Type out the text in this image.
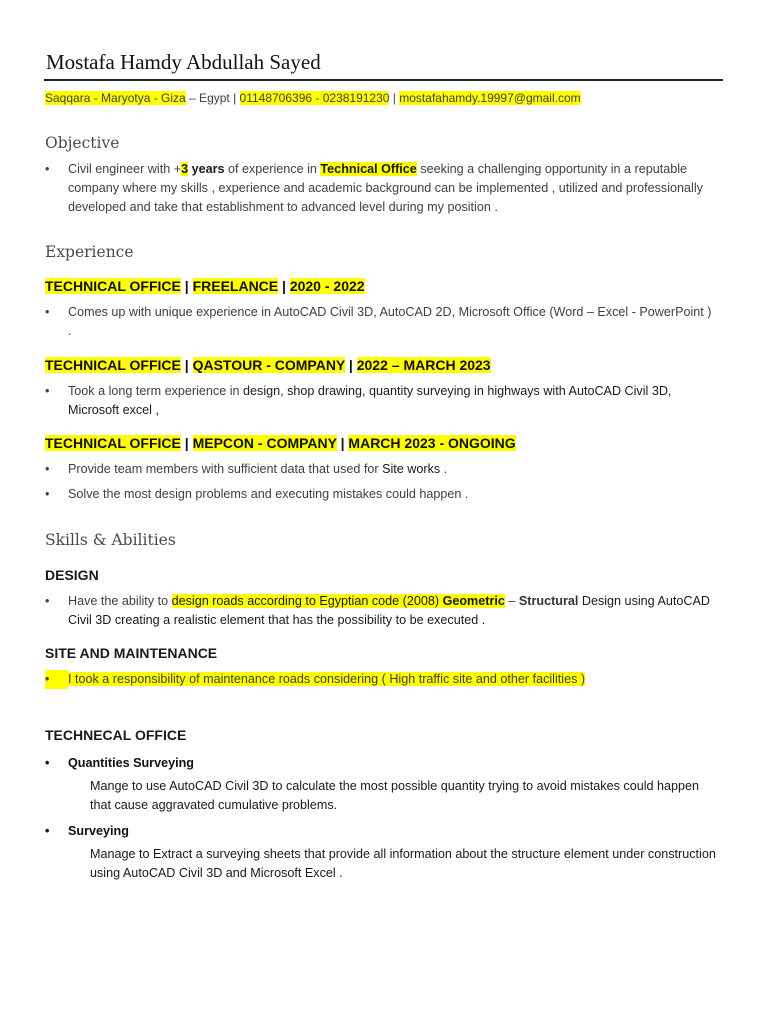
Mostafa Hamdy Abdullah Sayed
Saqqara - Maryotya - Giza – Egypt | 01148706396 - 0238191230 | mostafahamdy.19997@gmail.com
Objective
•	Civil engineer with +3 years of experience in Technical Office seeking a challenging opportunity in a reputable company where my skills , experience and academic background can be implemented , utilized and professionally developed and take that establishment to advanced level during my position .
Experience
TECHNICAL OFFICE | FREELANCE | 2020 - 2022
•	Comes up with unique experience in AutoCAD Civil 3D, AutoCAD 2D, Microsoft Office (Word – Excel - PowerPoint ) .
TECHNICAL OFFICE | QASTOUR - COMPANY | 2022 – MARCH 2023
•	Took a long term experience in design, shop drawing, quantity surveying in highways with AutoCAD Civil 3D, Microsoft excel ,
TECHNICAL OFFICE | MEPCON - COMPANY | MARCH 2023 - ONGOING
•	Provide team members with sufficient data that used for Site works .
•	Solve the most design problems and executing mistakes could happen .
Skills & Abilities
DESIGN
•	Have the ability to design roads according to Egyptian code (2008) Geometric – Structural Design using AutoCAD Civil 3D creating a realistic element that has the possibility to be executed .
SITE AND MAINTENANCE
•	I took a responsibility of maintenance roads considering ( High traffic site and other facilities )
TECHNECAL OFFICE
• Quantities Surveying
Mange to use AutoCAD Civil 3D to calculate the most possible quantity trying to avoid mistakes could happen that cause aggravated cumulative problems.
• Surveying
Manage to Extract a surveying sheets that provide all information about the structure element under construction using AutoCAD Civil 3D and Microsoft Excel .
